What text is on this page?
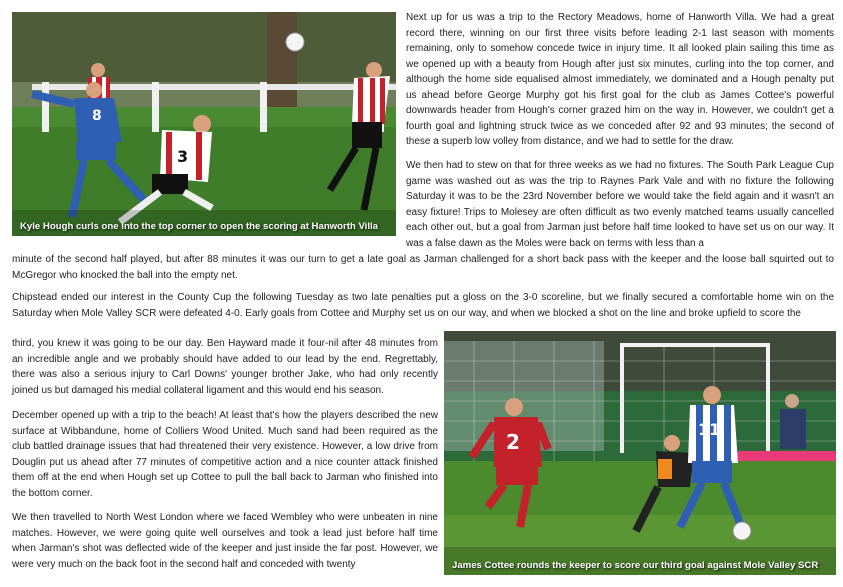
8
3
Kyle Hough curls one into the top corner to open the scoring at Hanworth Villa
2
11
James Cottee rounds the keeper to score our third goal against Mole Valley SCR

Next up for us was a trip to the Rectory Meadows, home of Hanworth Villa. We had a great record there, winning on our first three visits before leading 2-1 last season with moments remaining, only to somehow concede twice in injury time. It all looked plain sailing this time as we opened up with a beauty from Hough after just six minutes, curling into the top corner, and although the home side equalised almost immediately, we dominated and a Hough penalty put us ahead before George Murphy got his first goal for the club as James Cottee's powerful downwards header from Hough's corner grazed him on the way in. However, we couldn't get a fourth goal and lightning struck twice as we conceded after 92 and 93 minutes; the second of these a superb low volley from distance, and we had to settle for the draw.

We then had to stew on that for three weeks as we had no fixtures. The South Park League Cup game was washed out as was the trip to Raynes Park Vale and with no fixture the following Saturday it was to be the 23rd November before we would take the field again and it wasn't an easy fixture! Trips to Molesey are often difficult as two evenly matched teams usually cancelled each other out, but a goal from Jarman just before half time looked to have set us on our way. It was a false dawn as the Moles were back on terms with less than a

minute of the second half played, but after 88 minutes it was our turn to get a late goal as Jarman challenged for a short back pass with the keeper and the loose ball squirted out to McGregor who knocked the ball into the empty net.

Chipstead ended our interest in the County Cup the following Tuesday as two late penalties put a gloss on the 3-0 scoreline, but we finally secured a comfortable home win on the Saturday when Mole Valley SCR were defeated 4-0. Early goals from Cottee and Murphy set us on our way, and when we blocked a shot on the line and broke upfield to score the

third, you knew it was going to be our day. Ben Hayward made it four-nil after 48 minutes from an incredible angle and we probably should have added to our lead by the end. Regrettably, there was also a serious injury to Carl Downs' younger brother Jake, who had only recently joined us but damaged his medial collateral ligament and this would end his season.

December opened up with a trip to the beach! At least that's how the players described the new surface at Wibbandune, home of Colliers Wood United. Much sand had been required as the club battled drainage issues that had threatened their very existence. However, a low drive from Douglin put us ahead after 77 minutes of competitive action and a nice counter attack finished them off at the end when Hough set up Cottee to pull the ball back to Jarman who finished into the bottom corner.

We then travelled to North West London where we faced Wembley who were unbeaten in nine matches. However, we were going quite well ourselves and took a lead just before half time when Jarman's shot was deflected wide of the keeper and just inside the far post. However, we were very much on the back foot in the second half and conceded with twenty
